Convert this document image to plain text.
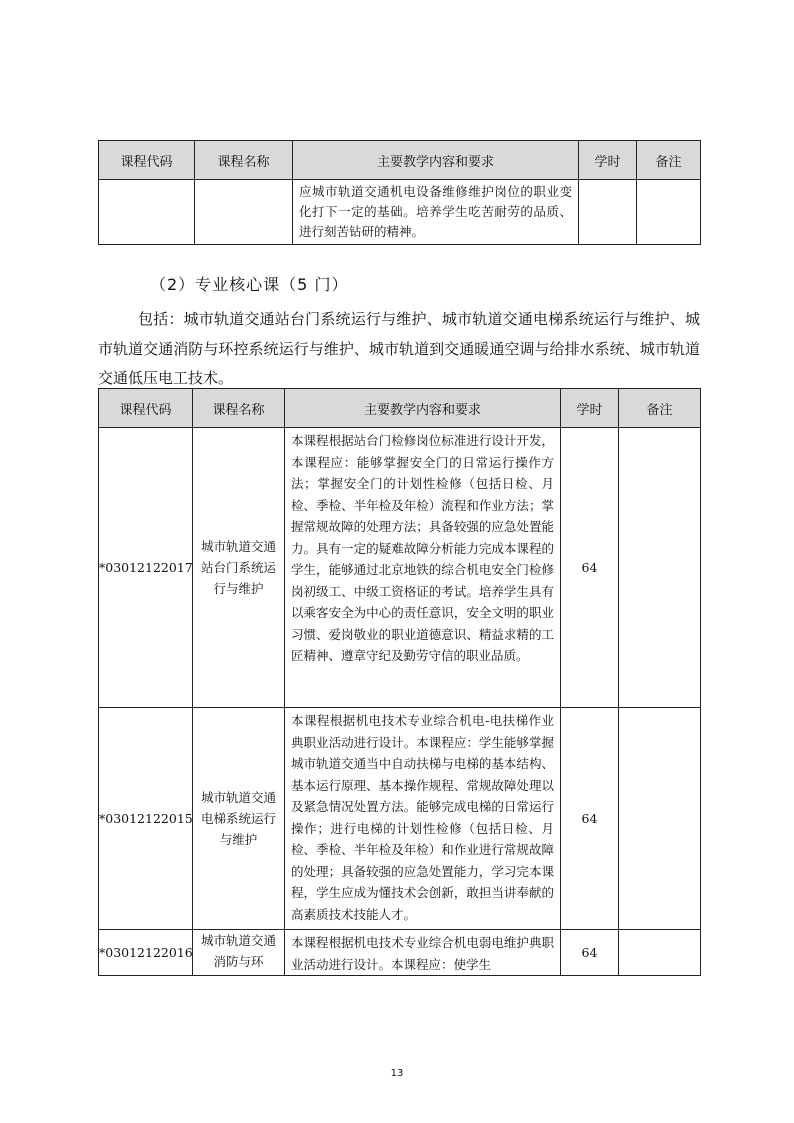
课程代码	课程名称	主要教学内容和要求	学时	备注
		应城市轨道交通机电设备维修维护岗位的职业变化打下一定的基础。培养学生吃苦耐劳的品质、进行刻苦钻研的精神。		
（2）专业核心课（5 门）
包括：城市轨道交通站台门系统运行与维护、城市轨道交通电梯系统运行与维护、城市轨道交通消防与环控系统运行与维护、城市轨道到交通暖通空调与给排水系统、城市轨道交通低压电工技术。
课程代码	课程名称	主要教学内容和要求	学时	备注
*03012122017	城市轨道交通站台门系统运行与维护	本课程根据站台门检修岗位标准进行设计开发，本课程应：能够掌握安全门的日常运行操作方法；掌握安全门的计划性检修（包括日检、月检、季检、半年检及年检）流程和作业方法；掌握常规故障的处理方法；具备较强的应急处置能力。具有一定的疑难故障分析能力完成本课程的学生，能够通过北京地铁的综合机电安全门检修岗初级工、中级工资格证的考试。培养学生具有以乘客安全为中心的责任意识，安全文明的职业习惯、爱岗敬业的职业道德意识、精益求精的工匠精神、遵章守纪及勤劳守信的职业品质。	64	
*03012122015	城市轨道交通电梯系统运行与维护	本课程根据机电技术专业综合机电-电扶梯作业典职业活动进行设计。本课程应：学生能够掌握城市轨道交通当中自动扶梯与电梯的基本结构、基本运行原理、基本操作规程、常规故障处理以及紧急情况处置方法。能够完成电梯的日常运行操作；进行电梯的计划性检修（包括日检、月检、季检、半年检及年检）和作业进行常规故障的处理；具备较强的应急处置能力，学习完本课程，学生应成为懂技术会创新，敢担当讲奉献的高素质技术技能人才。	64	
*03012122016	城市轨道交通消防与环	本课程根据机电技术专业综合机电弱电维护典职业活动进行设计。本课程应：使学生	64	
13
